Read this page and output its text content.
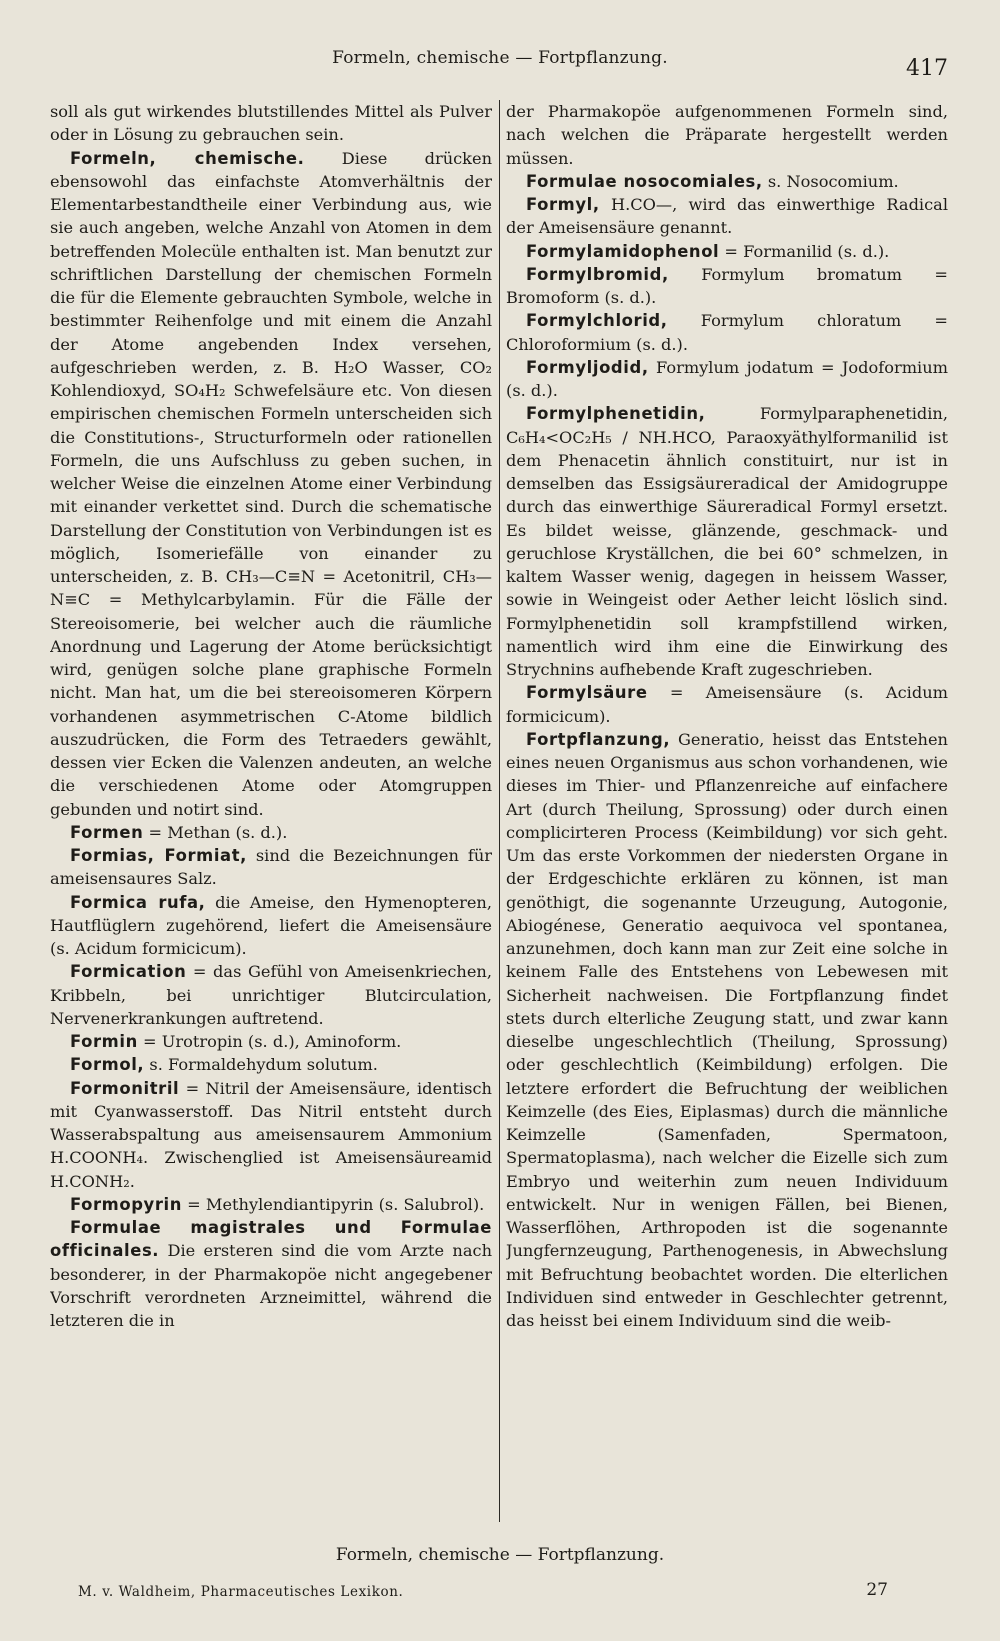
Formeln, chemische — Fortpflanzung.	417

soll als gut wirkendes blutstillendes Mittel als Pulver oder in Lösung zu gebrauchen sein.

Formeln, chemische. Diese drücken ebensowohl das einfachste Atomverhältnis der Elementarbestandtheile einer Verbindung aus, wie sie auch angeben, welche Anzahl von Atomen in dem betreffenden Molecüle enthalten ist. Man benutzt zur schriftlichen Darstellung der chemischen Formeln die für die Elemente gebrauchten Symbole, welche in bestimmter Reihenfolge und mit einem die Anzahl der Atome angebenden Index versehen, aufgeschrieben werden, z. B. H₂O Wasser, CO₂ Kohlendioxyd, SO₄H₂ Schwefelsäure etc. Von diesen empirischen chemischen Formeln unterscheiden sich die Constitutions-, Structurformeln oder rationellen Formeln, die uns Aufschluss zu geben suchen, in welcher Weise die einzelnen Atome einer Verbindung mit einander verkettet sind. Durch die schematische Darstellung der Constitution von Verbindungen ist es möglich, Isomeriefälle von einander zu unterscheiden, z. B. CH₃—C≡N = Acetonitril, CH₃—N≡C = Methylcarbylamin. Für die Fälle der Stereoisomerie, bei welcher auch die räumliche Anordnung und Lagerung der Atome berücksichtigt wird, genügen solche plane graphische Formeln nicht. Man hat, um die bei stereoisomeren Körpern vorhandenen asymmetrischen C-Atome bildlich auszudrücken, die Form des Tetraeders gewählt, dessen vier Ecken die Valenzen andeuten, an welche die verschiedenen Atome oder Atomgruppen gebunden und notirt sind.

Formen = Methan (s. d.).

Formias, Formiat, sind die Bezeichnungen für ameisensaures Salz.

Formica rufa, die Ameise, den Hymenopteren, Hautflüglern zugehörend, liefert die Ameisensäure (s. Acidum formicicum).

Formication = das Gefühl von Ameisenkriechen, Kribbeln, bei unrichtiger Blutcirculation, Nervenerkrankungen auftretend.

Formin = Urotropin (s. d.), Aminoform.

Formol, s. Formaldehydum solutum.

Formonitril = Nitril der Ameisensäure, identisch mit Cyanwasserstoff. Das Nitril entsteht durch Wasserabspaltung aus ameisensaurem Ammonium H.COONH₄. Zwischenglied ist Ameisensäureamid H.CONH₂.

Formopyrin = Methylendiantipyrin (s. Salubrol).

Formulae magistrales und Formulae officinales. Die ersteren sind die vom Arzte nach besonderer, in der Pharmakopöe nicht angegebener Vorschrift verordneten Arzneimittel, während die letzteren die in

der Pharmakopöe aufgenommenen Formeln sind, nach welchen die Präparate hergestellt werden müssen.

Formulae nosocomiales, s. Nosocomium.

Formyl, H.CO—, wird das einwerthige Radical der Ameisensäure genannt.

Formylamidophenol = Formanilid (s. d.).

Formylbromid, Formylum bromatum = Bromoform (s. d.).

Formylchlorid, Formylum chloratum = Chloroformium (s. d.).

Formyljodid, Formylum jodatum = Jodoformium (s. d.).

Formylphenetidin, Formylparaphenetidin, C₆H₄<OC₂H₅ / NH.HCO, Paraoxyäthylformanilid ist dem Phenacetin ähnlich constituirt, nur ist in demselben das Essigsäureradical der Amidogruppe durch das einwerthige Säureradical Formyl ersetzt. Es bildet weisse, glänzende, geschmack- und geruchlose Kryställchen, die bei 60° schmelzen, in kaltem Wasser wenig, dagegen in heissem Wasser, sowie in Weingeist oder Aether leicht löslich sind. Formylphenetidin soll krampfstillend wirken, namentlich wird ihm eine die Einwirkung des Strychnins aufhebende Kraft zugeschrieben.

Formylsäure = Ameisensäure (s. Acidum formicicum).

Fortpflanzung, Generatio, heisst das Entstehen eines neuen Organismus aus schon vorhandenen, wie dieses im Thier- und Pflanzenreiche auf einfachere Art (durch Theilung, Sprossung) oder durch einen complicirteren Process (Keimbildung) vor sich geht. Um das erste Vorkommen der niedersten Organe in der Erdgeschichte erklären zu können, ist man genöthigt, die sogenannte Urzeugung, Autogonie, Abiogénese, Generatio aequivoca vel spontanea, anzunehmen, doch kann man zur Zeit eine solche in keinem Falle des Entstehens von Lebewesen mit Sicherheit nachweisen. Die Fortpflanzung findet stets durch elterliche Zeugung statt, und zwar kann dieselbe ungeschlechtlich (Theilung, Sprossung) oder geschlechtlich (Keimbildung) erfolgen. Die letztere erfordert die Befruchtung der weiblichen Keimzelle (des Eies, Eiplasmas) durch die männliche Keimzelle (Samenfaden, Spermatoon, Spermatoplasma), nach welcher die Eizelle sich zum Embryo und weiterhin zum neuen Individuum entwickelt. Nur in wenigen Fällen, bei Bienen, Wasserflöhen, Arthropoden ist die sogenannte Jungfernzeugung, Parthenogenesis, in Abwechslung mit Befruchtung beobachtet worden. Die elterlichen Individuen sind entweder in Geschlechter getrennt, das heisst bei einem Individuum sind die weib-

Formeln, chemische — Fortpflanzung.
M. v. Waldheim, Pharmaceutisches Lexikon.	27
